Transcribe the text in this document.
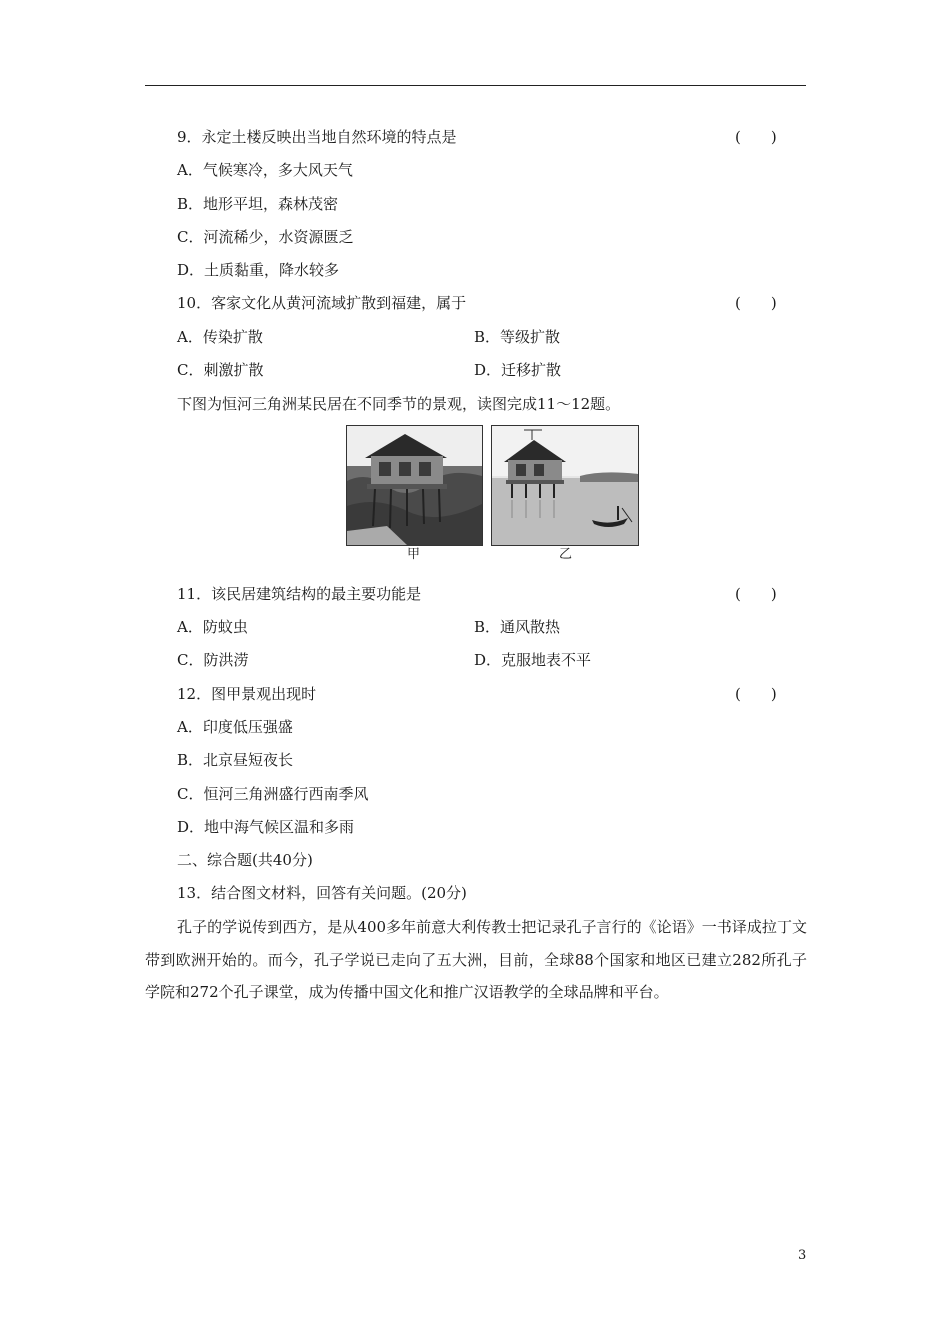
9．永定土楼反映出当地自然环境的特点是	(　　)
A．气候寒冷，多大风天气
B．地形平坦，森林茂密
C．河流稀少，水资源匮乏
D．土质黏重，降水较多
10．客家文化从黄河流域扩散到福建，属于	(　　)
A．传染扩散	B．等级扩散
C．刺激扩散	D．迁移扩散
下图为恒河三角洲某民居在不同季节的景观，读图完成11～12题。
甲	乙
11．该民居建筑结构的最主要功能是	(　　)
A．防蚊虫	B．通风散热
C．防洪涝	D．克服地表不平
12．图甲景观出现时	(　　)
A．印度低压强盛
B．北京昼短夜长
C．恒河三角洲盛行西南季风
D．地中海气候区温和多雨
二、综合题(共40分)
13．结合图文材料，回答有关问题。(20分)
孔子的学说传到西方，是从400多年前意大利传教士把记录孔子言行的《论语》一书译成拉丁文带到欧洲开始的。而今，孔子学说已走向了五大洲，目前，全球88个国家和地区已建立282所孔子学院和272个孔子课堂，成为传播中国文化和推广汉语教学的全球品牌和平台。
3
